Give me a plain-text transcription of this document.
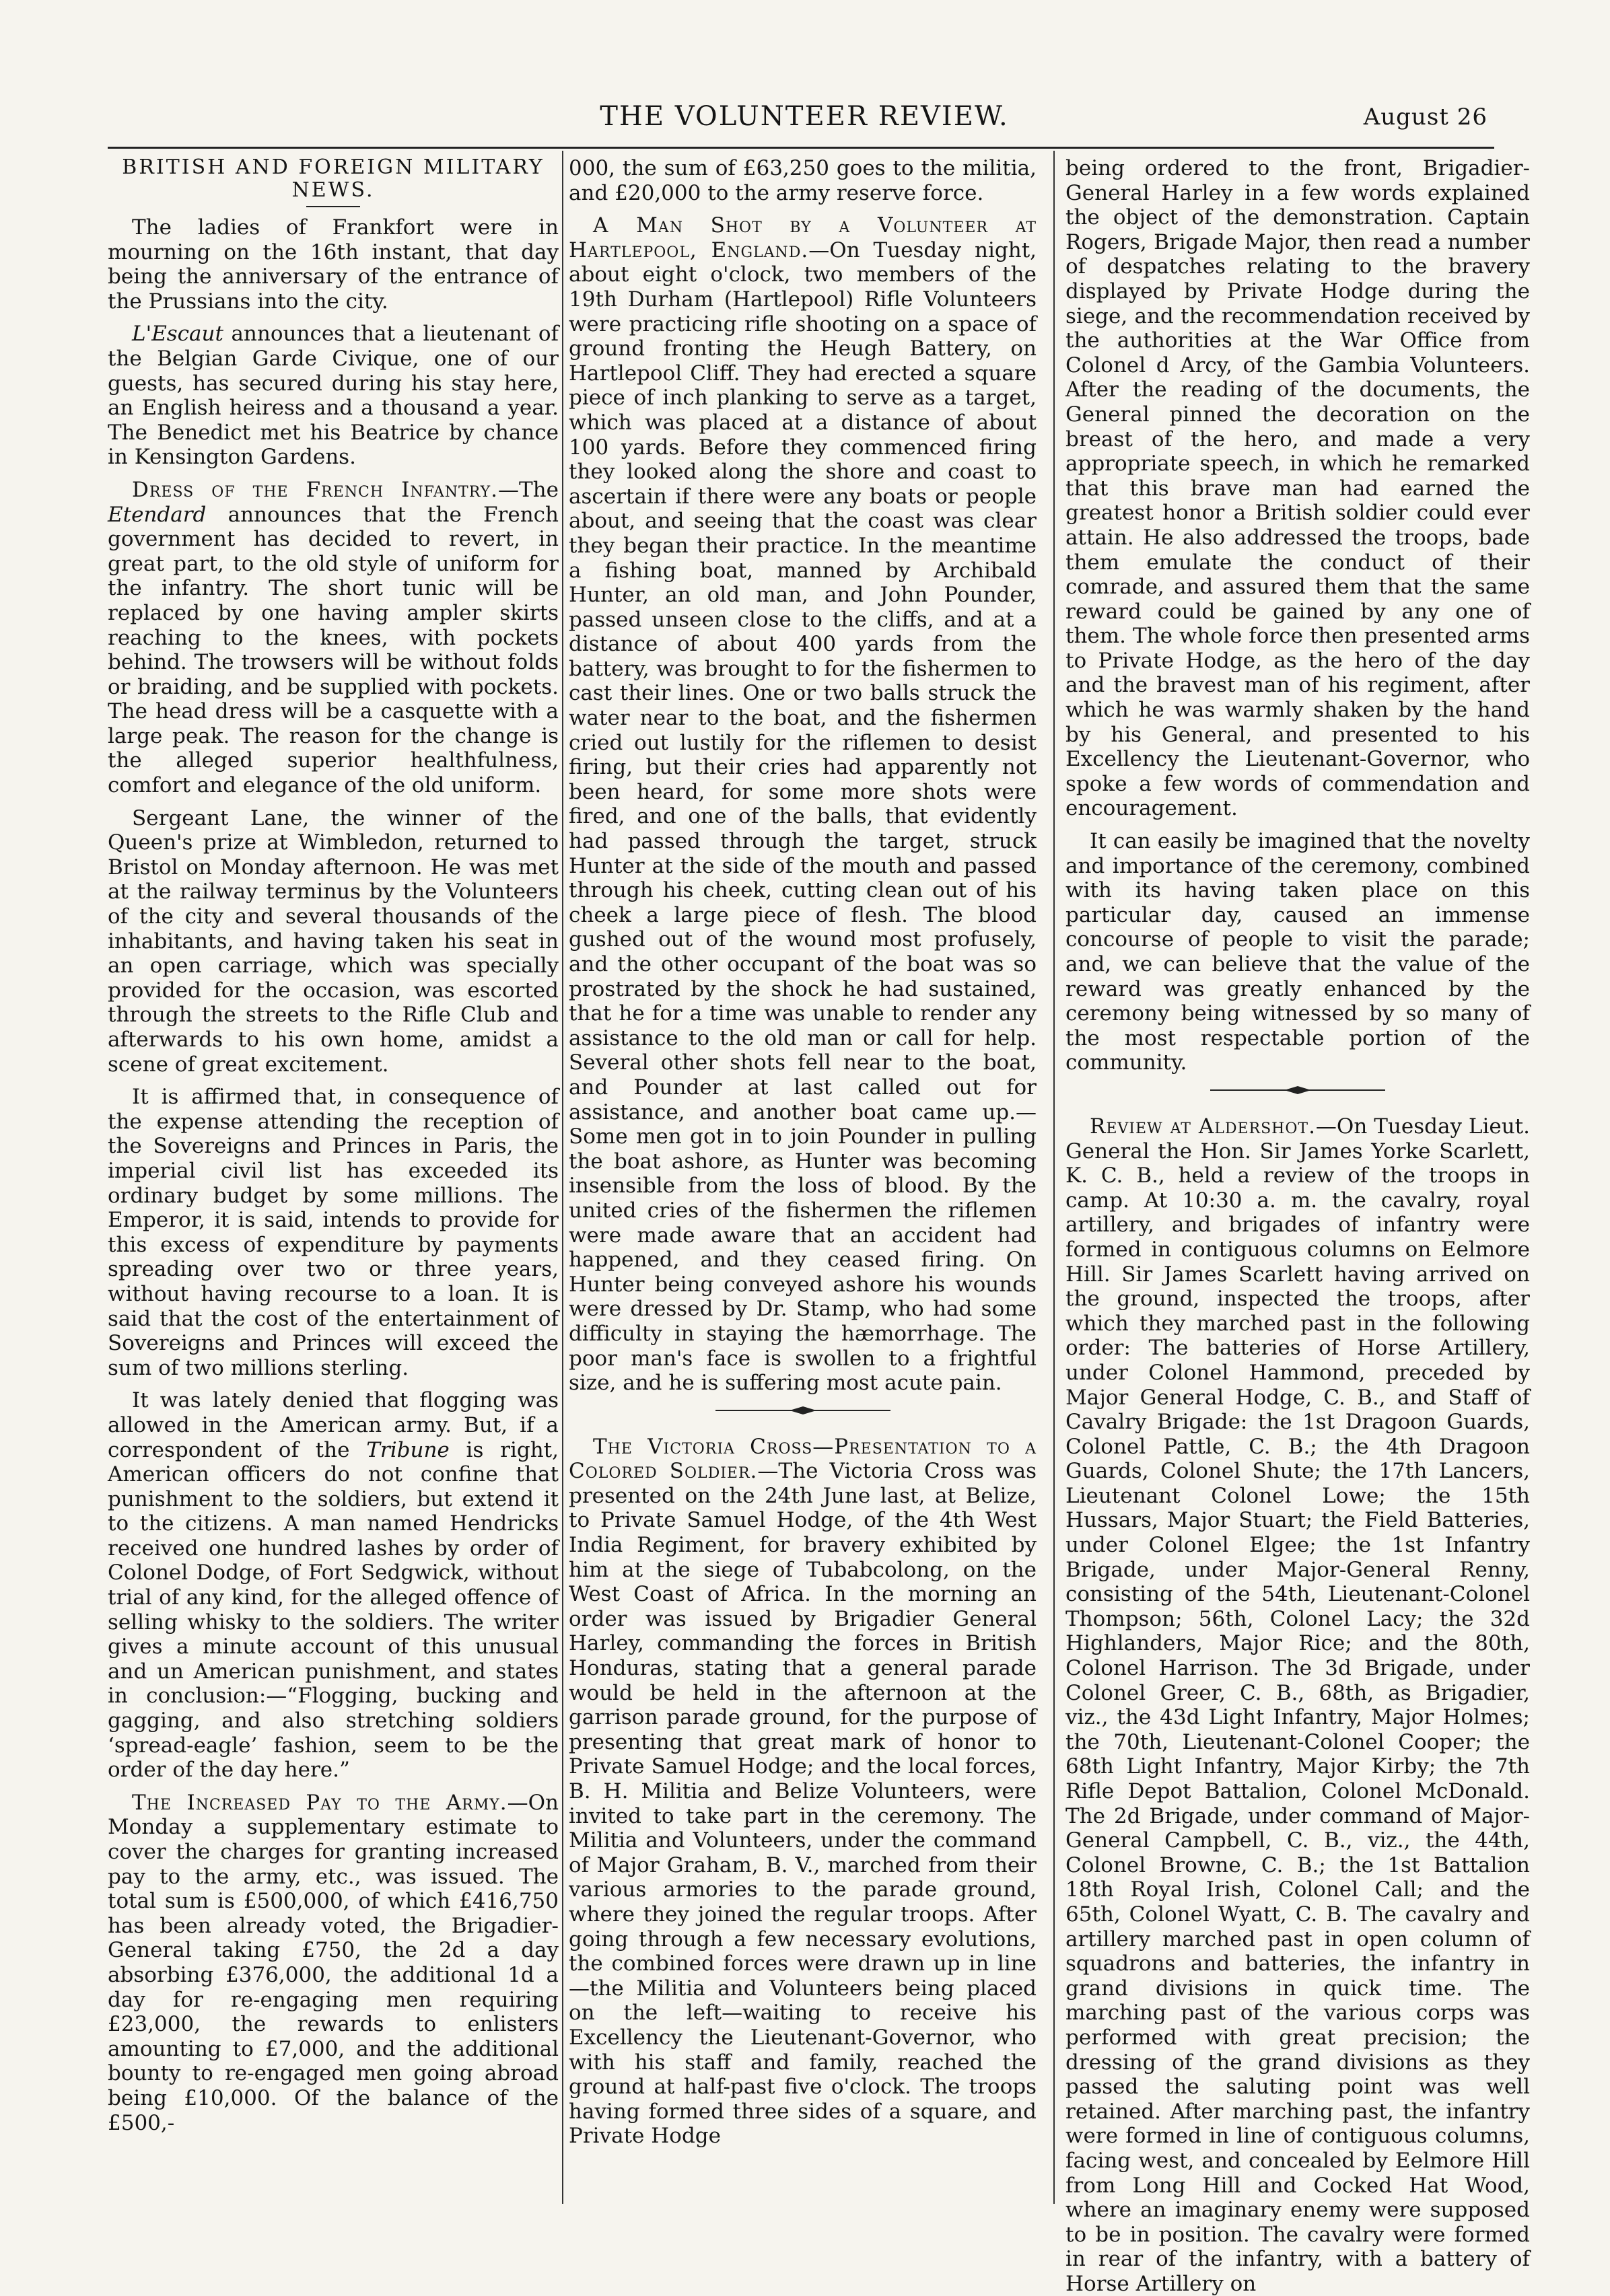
THE VOLUNTEER REVIEW.	August 26
BRITISH AND FOREIGN MILITARY NEWS.

The ladies of Frankfort were in mourning on the 16th instant, that day being the anniversary of the entrance of the Prussians into the city.

L'Escaut announces that a lieutenant of the Belgian Garde Civique, one of our guests, has secured during his stay here, an English heiress and a thousand a year. The Benedict met his Beatrice by chance in Kensington Gardens.

Dress of the French Infantry.—The Etendard announces that the French government has decided to revert, in great part, to the old style of uniform for the infantry. The short tunic will be replaced by one having ampler skirts reaching to the knees, with pockets behind. The trowsers will be without folds or braiding, and be supplied with pockets. The head dress will be a casquette with a large peak. The reason for the change is the alleged superior healthfulness, comfort and elegance of the old uniform.

Sergeant Lane, the winner of the Queen's prize at Wimbledon, returned to Bristol on Monday afternoon. He was met at the railway terminus by the Volunteers of the city and several thousands of the inhabitants, and having taken his seat in an open carriage, which was specially provided for the occasion, was escorted through the streets to the Rifle Club and afterwards to his own home, amidst a scene of great excitement.

It is affirmed that, in consequence of the expense attending the reception of the Sovereigns and Princes in Paris, the imperial civil list has exceeded its ordinary budget by some millions. The Emperor, it is said, intends to provide for this excess of expenditure by payments spreading over two or three years, without having recourse to a loan. It is said that the cost of the entertainment of Sovereigns and Princes will exceed the sum of two millions sterling.

It was lately denied that flogging was allowed in the American army. But, if a correspondent of the Tribune is right, American officers do not confine that punishment to the soldiers, but extend it to the citizens. A man named Hendricks received one hundred lashes by order of Colonel Dodge, of Fort Sedgwick, without trial of any kind, for the alleged offence of selling whisky to the soldiers. The writer gives a minute account of this unusual and un American punishment, and states in conclusion:—“Flogging, bucking and gagging, and also stretching soldiers ‘spread-eagle’ fashion, seem to be the order of the day here.”

The Increased Pay to the Army.—On Monday a supplementary estimate to cover the charges for granting increased pay to the army, etc., was issued. The total sum is £500,000, of which £416,750 has been already voted, the Brigadier-General taking £750, the 2d a day absorbing £376,000, the additional 1d a day for re-engaging men requiring £23,000, the rewards to enlisters amounting to £7,000, and the additional bounty to re-engaged men going abroad being £10,000. Of the balance of the £500,-

000, the sum of £63,250 goes to the militia, and £20,000 to the army reserve force.

A Man Shot by a Volunteer at Hartlepool, England.—On Tuesday night, about eight o'clock, two members of the 19th Durham (Hartlepool) Rifle Volunteers were practicing rifle shooting on a space of ground fronting the Heugh Battery, on Hartlepool Cliff. They had erected a square piece of inch planking to serve as a target, which was placed at a distance of about 100 yards. Before they commenced firing they looked along the shore and coast to ascertain if there were any boats or people about, and seeing that the coast was clear they began their practice. In the meantime a fishing boat, manned by Archibald Hunter, an old man, and John Pounder, passed unseen close to the cliffs, and at a distance of about 400 yards from the battery, was brought to for the fishermen to cast their lines. One or two balls struck the water near to the boat, and the fishermen cried out lustily for the riflemen to desist firing, but their cries had apparently not been heard, for some more shots were fired, and one of the balls, that evidently had passed through the target, struck Hunter at the side of the mouth and passed through his cheek, cutting clean out of his cheek a large piece of flesh. The blood gushed out of the wound most profusely, and the other occupant of the boat was so prostrated by the shock he had sustained, that he for a time was unable to render any assistance to the old man or call for help. Several other shots fell near to the boat, and Pounder at last called out for assistance, and another boat came up.—Some men got in to join Pounder in pulling the boat ashore, as Hunter was becoming insensible from the loss of blood. By the united cries of the fishermen the riflemen were made aware that an accident had happened, and they ceased firing. On Hunter being conveyed ashore his wounds were dressed by Dr. Stamp, who had some difficulty in staying the hæmorrhage. The poor man's face is swollen to a frightful size, and he is suffering most acute pain.

The Victoria Cross—Presentation to a Colored Soldier.—The Victoria Cross was presented on the 24th June last, at Belize, to Private Samuel Hodge, of the 4th West India Regiment, for bravery exhibited by him at the siege of Tubabcolong, on the West Coast of Africa. In the morning an order was issued by Brigadier General Harley, commanding the forces in British Honduras, stating that a general parade would be held in the afternoon at the garrison parade ground, for the purpose of presenting that great mark of honor to Private Samuel Hodge; and the local forces, B. H. Militia and Belize Volunteers, were invited to take part in the ceremony. The Militia and Volunteers, under the command of Major Graham, B. V., marched from their various armories to the parade ground, where they joined the regular troops. After going through a few necessary evolutions, the combined forces were drawn up in line—the Militia and Volunteers being placed on the left—waiting to receive his Excellency the Lieutenant-Governor, who with his staff and family, reached the ground at half-past five o'clock. The troops having formed three sides of a square, and Private Hodge

being ordered to the front, Brigadier-General Harley in a few words explained the object of the demonstration. Captain Rogers, Brigade Major, then read a number of despatches relating to the bravery displayed by Private Hodge during the siege, and the recommendation received by the authorities at the War Office from Colonel d Arcy, of the Gambia Volunteers. After the reading of the documents, the General pinned the decoration on the breast of the hero, and made a very appropriate speech, in which he remarked that this brave man had earned the greatest honor a British soldier could ever attain. He also addressed the troops, bade them emulate the conduct of their comrade, and assured them that the same reward could be gained by any one of them. The whole force then presented arms to Private Hodge, as the hero of the day and the bravest man of his regiment, after which he was warmly shaken by the hand by his General, and presented to his Excellency the Lieutenant-Governor, who spoke a few words of commendation and encouragement.

It can easily be imagined that the novelty and importance of the ceremony, combined with its having taken place on this particular day, caused an immense concourse of people to visit the parade; and, we can believe that the value of the reward was greatly enhanced by the ceremony being witnessed by so many of the most respectable portion of the community.

Review at Aldershot.—On Tuesday Lieut. General the Hon. Sir James Yorke Scarlett, K. C. B., held a review of the troops in camp. At 10:30 a. m. the cavalry, royal artillery, and brigades of infantry were formed in contiguous columns on Eelmore Hill. Sir James Scarlett having arrived on the ground, inspected the troops, after which they marched past in the following order: The batteries of Horse Artillery, under Colonel Hammond, preceded by Major General Hodge, C. B., and Staff of Cavalry Brigade: the 1st Dragoon Guards, Colonel Pattle, C. B.; the 4th Dragoon Guards, Colonel Shute; the 17th Lancers, Lieutenant Colonel Lowe; the 15th Hussars, Major Stuart; the Field Batteries, under Colonel Elgee; the 1st Infantry Brigade, under Major-General Renny, consisting of the 54th, Lieutenant-Colonel Thompson; 56th, Colonel Lacy; the 32d Highlanders, Major Rice; and the 80th, Colonel Harrison. The 3d Brigade, under Colonel Greer, C. B., 68th, as Brigadier, viz., the 43d Light Infantry, Major Holmes; the 70th, Lieutenant-Colonel Cooper; the 68th Light Infantry, Major Kirby; the 7th Rifle Depot Battalion, Colonel McDonald. The 2d Brigade, under command of Major-General Campbell, C. B., viz., the 44th, Colonel Browne, C. B.; the 1st Battalion 18th Royal Irish, Colonel Call; and the 65th, Colonel Wyatt, C. B. The cavalry and artillery marched past in open column of squadrons and batteries, the infantry in grand divisions in quick time. The marching past of the various corps was performed with great precision; the dressing of the grand divisions as they passed the saluting point was well retained. After marching past, the infantry were formed in line of contiguous columns, facing west, and concealed by Eelmore Hill from Long Hill and Cocked Hat Wood, where an imaginary enemy were supposed to be in position. The cavalry were formed in rear of the infantry, with a battery of Horse Artillery on
